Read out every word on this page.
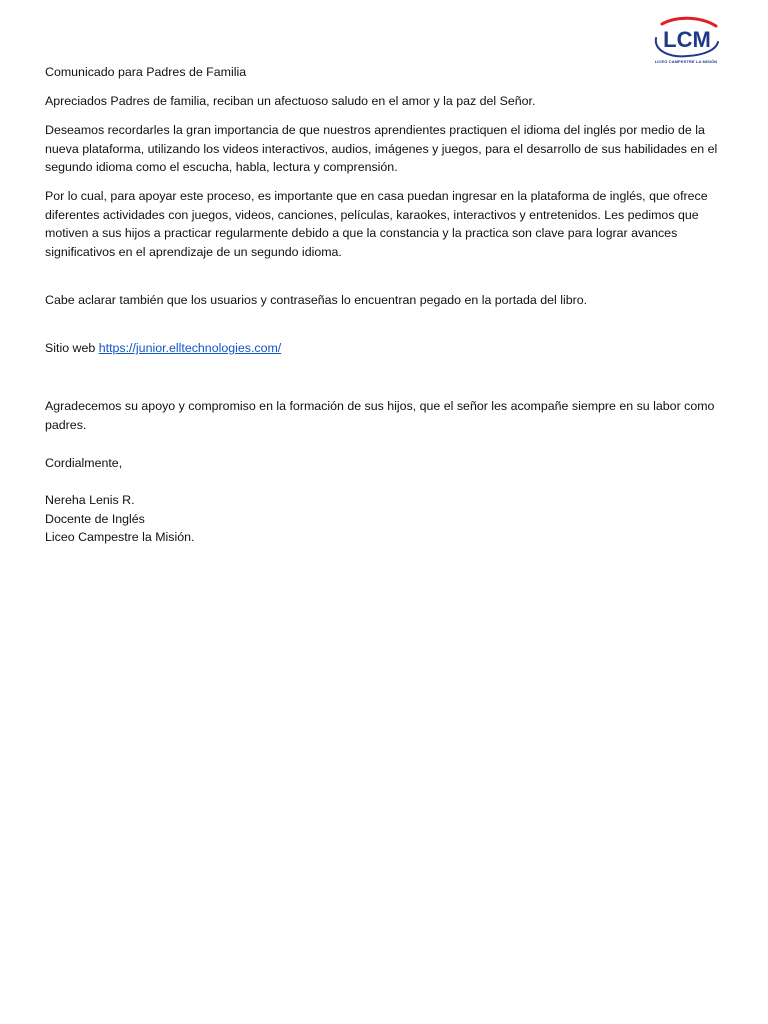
LCM
LICEO CAMPESTRE LA MISIÓN

Comunicado para Padres de Familia

Apreciados Padres de familia, reciban un afectuoso saludo en el amor y la paz del Señor.

Deseamos recordarles la gran importancia de que nuestros aprendientes practiquen el idioma del inglés por medio de la nueva plataforma, utilizando los videos interactivos, audios, imágenes y juegos, para el desarrollo de sus habilidades en el segundo idioma como el escucha, habla, lectura y comprensión.

Por lo cual, para apoyar este proceso, es importante que en casa puedan ingresar en la plataforma de inglés, que ofrece diferentes actividades con juegos, videos, canciones, películas, karaokes, interactivos y entretenidos. Les pedimos que motiven a sus hijos a practicar regularmente debido a que la constancia y la practica son clave para lograr avances significativos en el aprendizaje de un segundo idioma.

Cabe aclarar también que los usuarios y contraseñas lo encuentran pegado en la portada del libro.

Sitio web https://junior.elltechnologies.com/

Agradecemos su apoyo y compromiso en la formación de sus hijos, que el señor les acompañe siempre en su labor como padres.

Cordialmente,

Nereha Lenis R.

Docente de Inglés

Liceo Campestre la Misión.
